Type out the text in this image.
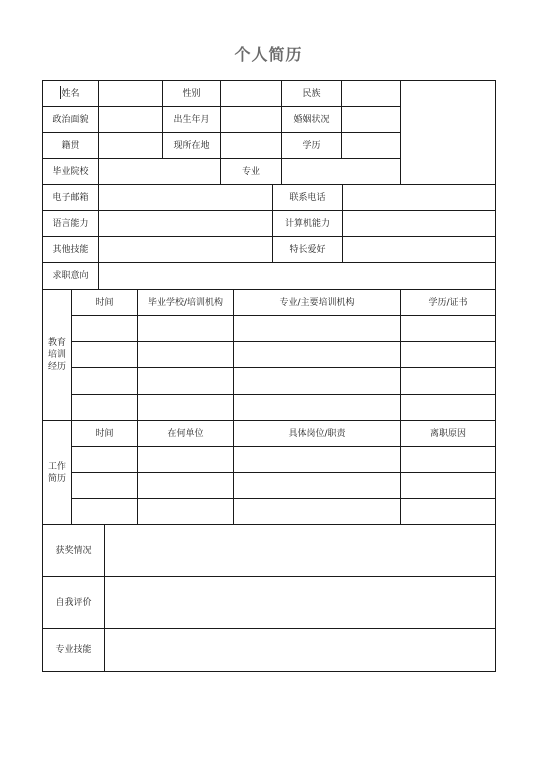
个人简历
姓名	性别	民族
政治面貌	出生年月	婚姻状况
籍贯	现所在地	学历
毕业院校	专业
电子邮箱	联系电话
语言能力	计算机能力
其他技能	特长爱好
求职意向
教育培训经历
时间	毕业学校/培训机构	专业/主要培训机构	学历/证书
工作简历
时间	在何单位	具体岗位/职责	离职原因
获奖情况
自我评价
专业技能
